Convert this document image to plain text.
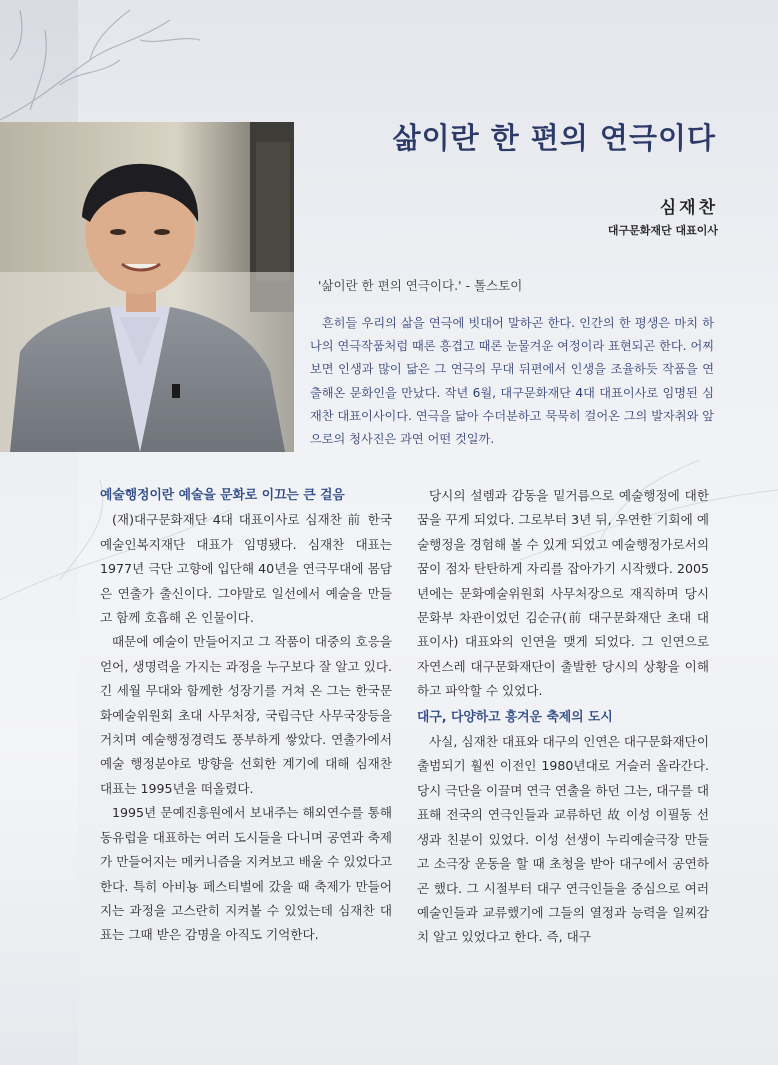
삶이란 한 편의 연극이다
심재찬
대구문화재단 대표이사
'삶이란 한 편의 연극이다.' - 톨스토이

흔히들 우리의 삶을 연극에 빗대어 말하곤 한다. 인간의 한 평생은 마치 하나의 연극작품처럼 때론 흥겹고 때론 눈물겨운 여정이라 표현되곤 한다. 어찌 보면 인생과 많이 닮은 그 연극의 무대 뒤편에서 인생을 조율하듯 작품을 연출해온 문화인을 만났다. 작년 6월, 대구문화재단 4대 대표이사로 임명된 심재찬 대표이사이다. 연극을 닮아 수더분하고 묵묵히 걸어온 그의 발자취와 앞으로의 청사진은 과연 어떤 것일까.

예술행정이란 예술을 문화로 이끄는 큰 걸음

(재)대구문화재단 4대 대표이사로 심재찬 前 한국예술인복지재단 대표가 임명됐다. 심재찬 대표는 1977년 극단 고향에 입단해 40년을 연극무대에 몸담은 연출가 출신이다. 그야말로 일선에서 예술을 만들고 함께 호흡해 온 인물이다.

때문에 예술이 만들어지고 그 작품이 대중의 호응을 얻어, 생명력을 가지는 과정을 누구보다 잘 알고 있다. 긴 세월 무대와 함께한 성장기를 거쳐 온 그는 한국문화예술위원회 초대 사무처장, 국립극단 사무국장등을 거치며 예술행정경력도 풍부하게 쌓았다. 연출가에서 예술 행정분야로 방향을 선회한 계기에 대해 심재찬 대표는 1995년을 떠올렸다.

1995년 문예진흥원에서 보내주는 해외연수를 통해 동유럽을 대표하는 여러 도시들을 다니며 공연과 축제가 만들어지는 메커니즘을 지켜보고 배울 수 있었다고 한다. 특히 아비뇽 페스티벌에 갔을 때 축제가 만들어지는 과정을 고스란히 지켜볼 수 있었는데 심재찬 대표는 그때 받은 감명을 아직도 기억한다.

당시의 설렘과 감동을 밑거름으로 예술행정에 대한 꿈을 꾸게 되었다. 그로부터 3년 뒤, 우연한 기회에 예술행정을 경험해 볼 수 있게 되었고 예술행정가로서의 꿈이 점차 탄탄하게 자리를 잡아가기 시작했다. 2005년에는 문화예술위원회 사무처장으로 재직하며 당시 문화부 차관이었던 김순규(前 대구문화재단 초대 대표이사) 대표와의 인연을 맺게 되었다. 그 인연으로 자연스레 대구문화재단이 출발한 당시의 상황을 이해하고 파악할 수 있었다.

대구, 다양하고 흥겨운 축제의 도시

사실, 심재찬 대표와 대구의 인연은 대구문화재단이 출범되기 훨씬 이전인 1980년대로 거슬러 올라간다. 당시 극단을 이끌며 연극 연출을 하던 그는, 대구를 대표해 전국의 연극인들과 교류하던 故 이성 이필동 선생과 친분이 있었다. 이성 선생이 누리예술극장 만들고 소극장 운동을 할 때 초청을 받아 대구에서 공연하곤 했다. 그 시절부터 대구 연극인들을 중심으로 여러 예술인들과 교류했기에 그들의 열정과 능력을 일찌감치 알고 있었다고 한다. 즉, 대구
